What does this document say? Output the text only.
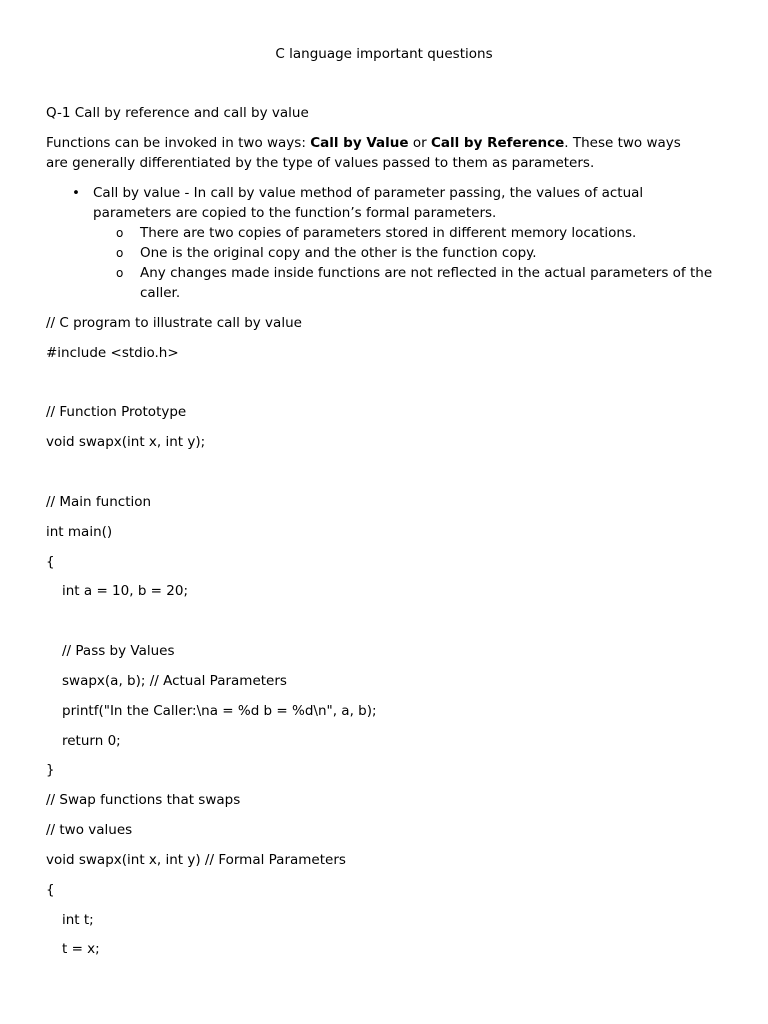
C language important questions
Q-1 Call by reference and call by value
Functions can be invoked in two ways: Call by Value or Call by Reference. These two ways are generally differentiated by the type of values passed to them as parameters.
• Call by value - In call by value method of parameter passing, the values of actual parameters are copied to the function’s formal parameters.
o	There are two copies of parameters stored in different memory locations.
o	One is the original copy and the other is the function copy.
o	Any changes made inside functions are not reflected in the actual parameters of the caller.
// C program to illustrate call by value
#include <stdio.h>
// Function Prototype
void swapx(int x, int y);
// Main function
int main()
{
int a = 10, b = 20;
// Pass by Values
swapx(a, b); // Actual Parameters
printf("In the Caller:\na = %d b = %d\n", a, b);
return 0;
}
// Swap functions that swaps
// two values
void swapx(int x, int y) // Formal Parameters
{
int t;
t = x;
